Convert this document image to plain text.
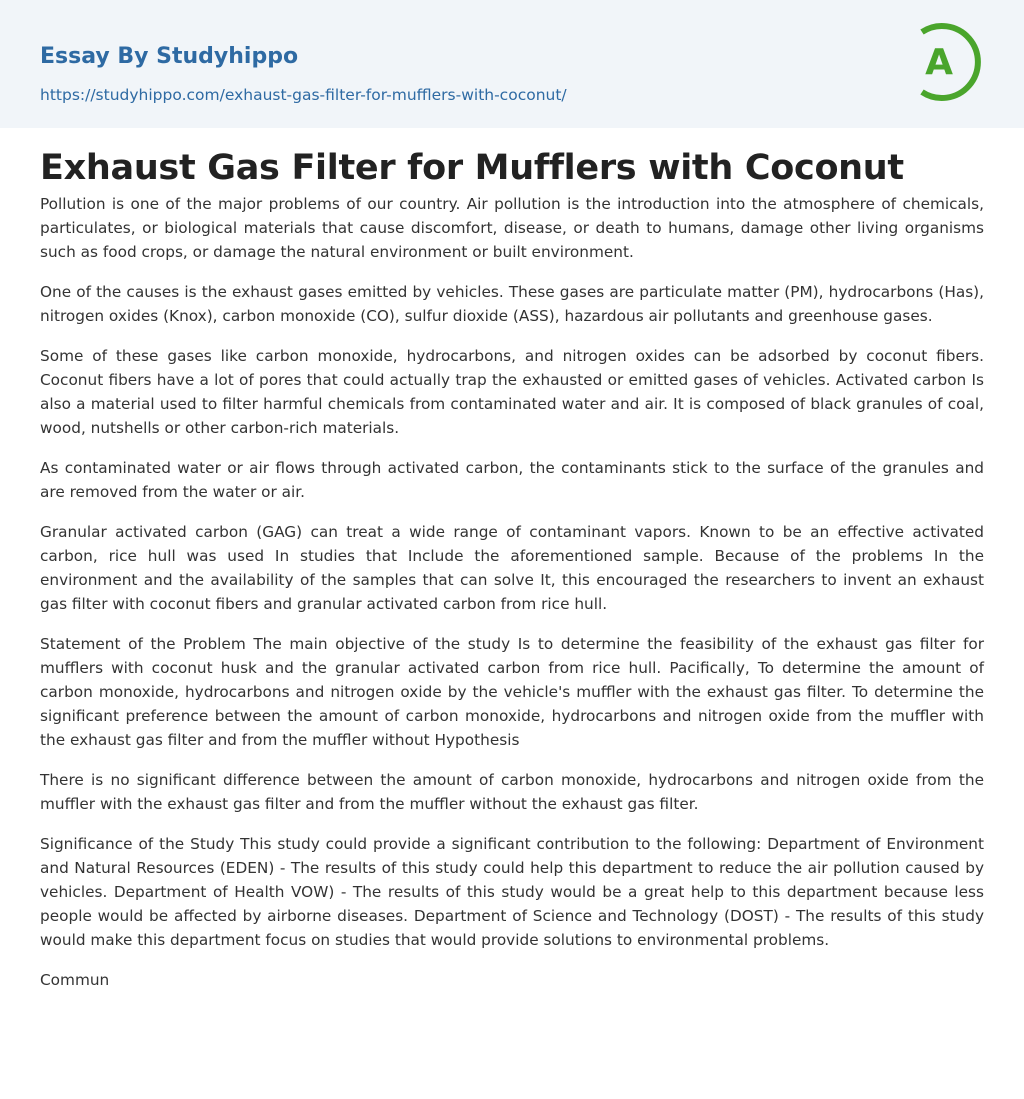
Essay By Studyhippo
https://studyhippo.com/exhaust-gas-filter-for-mufflers-with-coconut/
A
Exhaust Gas Filter for Mufflers with Coconut

Pollution is one of the major problems of our country. Air pollution is the introduction into the atmosphere of chemicals, particulates, or biological materials that cause discomfort, disease, or death to humans, damage other living organisms such as food crops, or damage the natural environment or built environment.

One of the causes is the exhaust gases emitted by vehicles. These gases are particulate matter (PM), hydrocarbons (Has), nitrogen oxides (Knox), carbon monoxide (CO), sulfur dioxide (ASS), hazardous air pollutants and greenhouse gases.

Some of these gases like carbon monoxide, hydrocarbons, and nitrogen oxides can be adsorbed by coconut fibers. Coconut fibers have a lot of pores that could actually trap the exhausted or emitted gases of vehicles. Activated carbon Is also a material used to filter harmful chemicals from contaminated water and air. It is composed of black granules of coal, wood, nutshells or other carbon-rich materials.

As contaminated water or air flows through activated carbon, the contaminants stick to the surface of the granules and are removed from the water or air.

Granular activated carbon (GAG) can treat a wide range of contaminant vapors. Known to be an effective activated carbon, rice hull was used In studies that Include the aforementioned sample. Because of the problems In the environment and the availability of the samples that can solve It, this encouraged the researchers to invent an exhaust gas filter with coconut fibers and granular activated carbon from rice hull.

Statement of the Problem The main objective of the study Is to determine the feasibility of the exhaust gas filter for mufflers with coconut husk and the granular activated carbon from rice hull. Pacifically, To determine the amount of carbon monoxide, hydrocarbons and nitrogen oxide by the vehicle's muffler with the exhaust gas filter. To determine the significant preference between the amount of carbon monoxide, hydrocarbons and nitrogen oxide from the muffler with the exhaust gas filter and from the muffler without Hypothesis

There is no significant difference between the amount of carbon monoxide, hydrocarbons and nitrogen oxide from the muffler with the exhaust gas filter and from the muffler without the exhaust gas filter.

Significance of the Study This study could provide a significant contribution to the following: Department of Environment and Natural Resources (EDEN) - The results of this study could help this department to reduce the air pollution caused by vehicles. Department of Health VOW) - The results of this study would be a great help to this department because less people would be affected by airborne diseases. Department of Science and Technology (DOST) - The results of this study would make this department focus on studies that would provide solutions to environmental problems.

Commun
